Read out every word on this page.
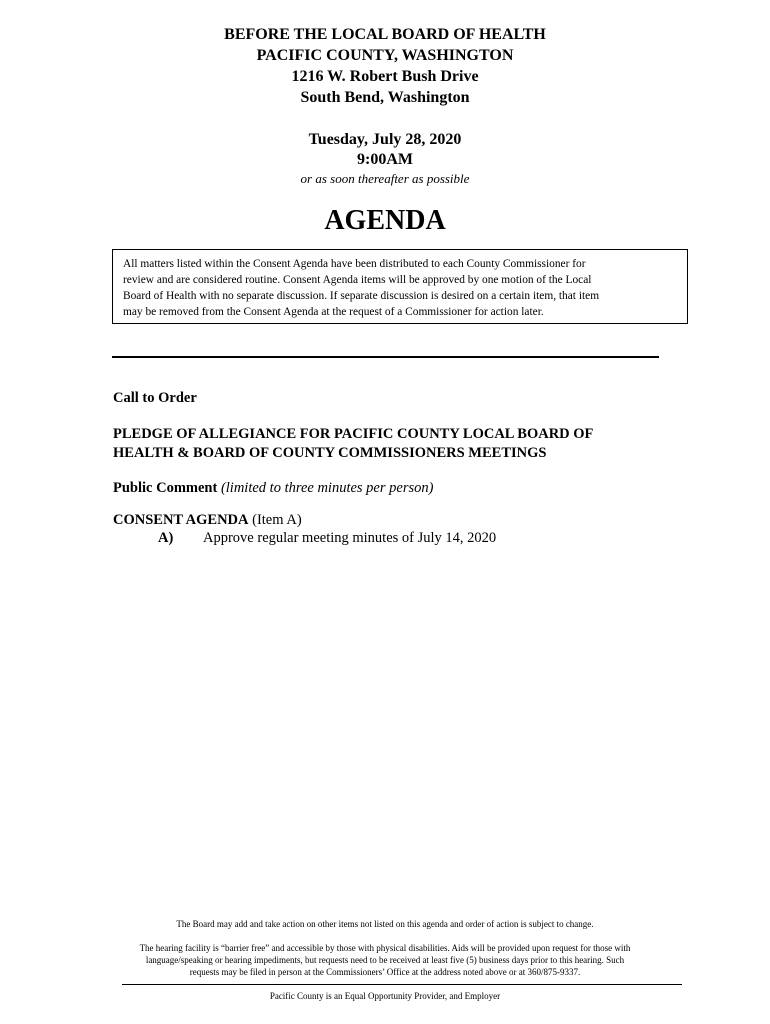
BEFORE THE LOCAL BOARD OF HEALTH
PACIFIC COUNTY, WASHINGTON
1216 W. Robert Bush Drive
South Bend, Washington
Tuesday, July 28, 2020
9:00AM
or as soon thereafter as possible
AGENDA
All matters listed within the Consent Agenda have been distributed to each County Commissioner for
review and are considered routine. Consent Agenda items will be approved by one motion of the Local
Board of Health with no separate discussion. If separate discussion is desired on a certain item, that item
may be removed from the Consent Agenda at the request of a Commissioner for action later.
Call to Order
PLEDGE OF ALLEGIANCE FOR PACIFIC COUNTY LOCAL BOARD OF
HEALTH & BOARD OF COUNTY COMMISSIONERS MEETINGS
Public Comment (limited to three minutes per person)
CONSENT AGENDA (Item A)
A) Approve regular meeting minutes of July 14, 2020
The Board may add and take action on other items not listed on this agenda and order of action is subject to change.
The hearing facility is “barrier free” and accessible by those with physical disabilities. Aids will be provided upon request for those with
language/speaking or hearing impediments, but requests need to be received at least five (5) business days prior to this hearing. Such
requests may be filed in person at the Commissioners’ Office at the address noted above or at 360/875-9337.
Pacific County is an Equal Opportunity Provider, and Employer
